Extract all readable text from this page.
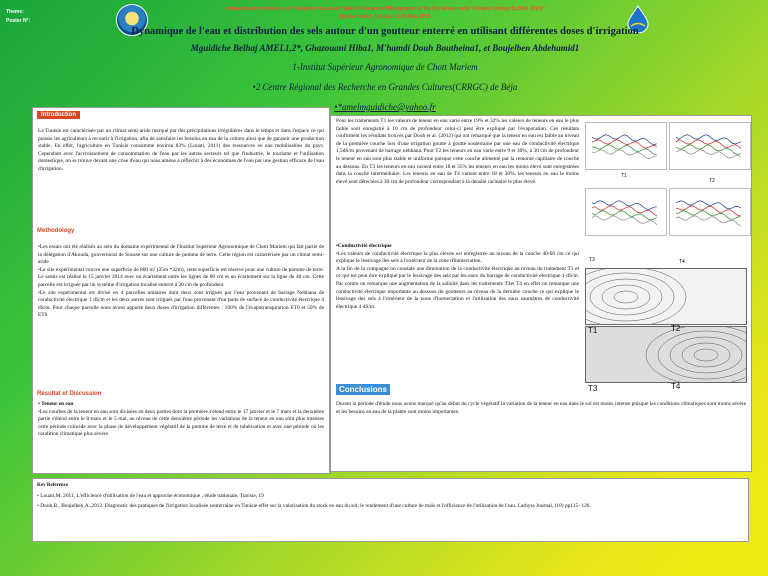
Theme:
Poster N°:
International conference on "Integrated Land and Water Resources Management in the Dry Areas under Climate Change (ILDAC 2015)"
Djerba Island, Tunisia: 11-14 May 2015
Dynamique de l'eau et distribution des sels autour d'un goutteur enterré en utilisant différentes doses d'irrigation
Mguidiche Belhaj AMEL1,2*, Ghazouani Hiba1, M'hamdi Douh Boutheina1, et Boujelben Abdehamid1
1-Institut Supérieur Agronomique de Chott Mariem
•2 Centre Régional des Recherche en Grandes Cultures(CRRGC) de Béja
•*amelmguidiche@yahoo.fr
Introduction
La Tunisie est caractérisée par un climat semi-aride marqué par des précipitations irrégulières dans le temps et dans l'espace ce qui pousse les agriculteurs à recourir à l'irrigation, afin de satisfaire les besoins en eau de la culture ainsi que de garantir une production stable. En effet, l'agriculture en Tunisie consomme environ 83% (Louati, 2011) des ressources en eau mobilisables du pays. Cependant avec l'accroissement de consommation de l'eau par les autres secteurs tel que l'industrie, le tourisme et l'utilisation domestique, on se trouve devant une crise d'eau qui nous amène à réfléchir à des économies de l'eau par une gestion efficace de l'eau d'irrigation.
Methodology

•Les essais ont été réalisés au sein du domaine expérimental de l'Institut Supérieur Agronomique de Chott Mariem qui fait partie de la délégation d'Akouda, gouvernorat de Sousse sur une culture de pomme de terre. Cette région est caractérisée par un climat semi-aride

•Le site expérimental couvre une superficie de 800 m² (25m *32m), cette superficie est réservé pour une culture de pomme de terre. Le semis est réalisé le 15 janvier 2014 avec un écartement entre les lignes de 80 cm et un écartement sur la ligne de 40 cm. Cette parcelle est irriguée par un système d'irrigation localisé enterré à 20 cm de profondeur.

•Le site expérimental est divisé en 4 parcelles unitaires dont deux sont irrigués par l'eau provenant de barrage Nebhana de conductivité électrique 1 dS/m et les deux autres sont irrigués par l'eau provenant d'un puits de surface de conductivité électrique 4 dS/m. Pour chaque parcelle nous avons apporté deux doses d'irrigation différentes : 100% de l'évapotranspiration ET0 et 50% de ET0.

Résultat et Discussion

• Teneur en eau

•Les courbes de la teneur en eau sont divisées en deux parties dont la première s'étend entre le 17 janvier et le 7 mars et la deuxième partie s'étend entre le 8 mars et le 5 mai, au niveau de cette deuxième période les variations de la teneur en eau sont plus intenses cette période coïncide avec la phase de développement végétatif de la pomme de terre et de tubérisation et avec une période où les condition climatique plus sévère.

Pour les traitements T1 les valeurs de teneur en eau varie entre 19% et 32% les valeurs de teneurs en eau le plus faible sont enregistré à 10 cm de profondeur celui-ci peut être expliqué par l'évaporation. Ces résultats confirment les résultats trouvés par Douh et al. (2012) qui ont remarqué que la teneur en eau est faible au niveau de la première couche lors d'une irrigation goutte à goutte souterraine par une eau de conductivité électrique 1,5dS/m provenant de barrage nebhana. Pour T2 les teneurs en eau varie entre 9 et 30%, à 30 cm de profondeur le teneur en eau sont plus stable et uniforme puisque cette couche alimenté par la remonté capillaire de couche au dessous. En T3 les teneurs en eau varient entre 18 et 35% les teneurs en eau les moins élevé sont enregistrées dans la couche intermédiaire. Les teneurs en eau de T4 varient entre 18 et 30%. les teneurs en eau le moins élevé sont détectées à 30 cm de profondeur correspondant à la densité racinaire le plus élevé.

•Conductivité électrique

•Les valeurs de conductivité électrique la plus élevée est enregistrée au niveau de la couche 40-60 cm ce qui explique le lessivage des sels à l'extérieur de la zone d'humectation.

A la fin de la compagne on constate une diminution de la conductivité électrique au niveau du traitement T1 et ce qui est peut être expliqué par le lessivage des sels par les eaux du barrage de conductivité électrique 1 dS/m. Par contre on remarque une augmentation de la salinité dans les traitements T3et T4 en effet on remarque une conductivité électrique importante au dessous du goutteurs au niveau de la dernière couche ce qui explique le lessivage des sels à l'extérieur de la zone d'humectation et l'utilisation des eaux saumâtres de conductivité électrique 4 dS/m.

T1
T2
T3	T4
T1	T2
T3	T4
Conclusions
Durant la période d'étude nous avons marqué qu'au début du cycle végétatif la variation de la teneur en eau dans le sol est moins intense puisque les conditions climatiques sont moins sévère et les besoins en eau de la plante sont moins importantes.
Key Reference
• Louati,M, 2011, L'efficience d'utilisation de l'eau et approche économique ; étude nationale, Tunisie, 19
• Douh,B., Boujelben,A.,2012. Diagnostic des pratiques de l'irrigation localisée souterraine en Tunisie effet sur la valorisation du stock en eau du sol, le rendement d'une culture de maïs et l'efficience de l'utilisation de l'eau. Larhyss Journal, (10) pp115- 126.
